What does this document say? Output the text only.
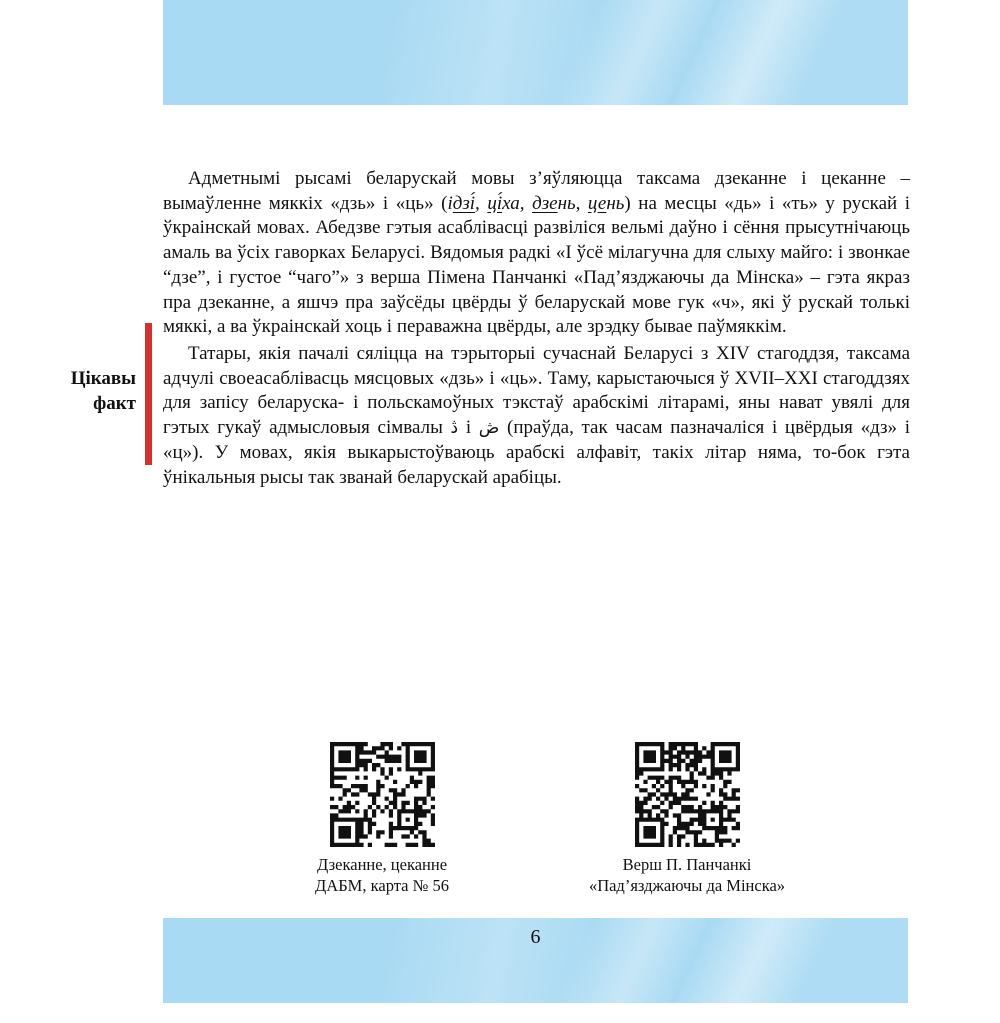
Адметнымі рысамі беларускай мовы з’яўляюцца таксама дзеканне і цеканне – вымаўленне мяккіх «дзь» і «ць» (ідзі́, ці́ха, дзень, цень) на месцы «дь» і «ть» у рускай і ўкраінскай мовах. Абедзве гэтыя асаблівасці развіліся вельмі даўно і сёння прысутнічаюць амаль ва ўсіх гаворках Беларусі. Вядомыя радкі «І ўсё мілагучна для слыху майго: і звонкае “дзе”, і густое “чаго”» з верша Пімена Панчанкі «Пад’язджаючы да Мінска» – гэта якраз пра дзеканне, а яшчэ пра заўсёды цвёрды ў беларускай мове гук «ч», які ў рускай толькі мяккі, а ва ўкраінскай хоць і пераважна цвёрды, але зрэдку бывае паўмяккім.

Цікавы
факт

Татары, якія пачалі сяліцца на тэрыторыі сучаснай Беларусі з XIV стагоддзя, таксама адчулі своеасаблівасць мясцовых «дзь» і «ць». Таму, карыстаючыся ў XVII–XXI стагоддзях для запісу беларуска- і польскамоўных тэкстаў арабскімі літарамі, яны нават увялі для гэтых гукаў адмысловыя сімвалы ڎ і ڞ (праўда, так часам пазначаліся і цвёрдыя «дз» і «ц»). У мовах, якія выкарыстоўваюць арабскі алфавіт, такіх літар няма, то-бок гэта ўнікальныя рысы так званай беларускай арабіцы.

Дзеканне, цеканне
ДАБМ, карта № 56
Верш П. Панчанкі
«Пад’язджаючы да Мінска»
6
